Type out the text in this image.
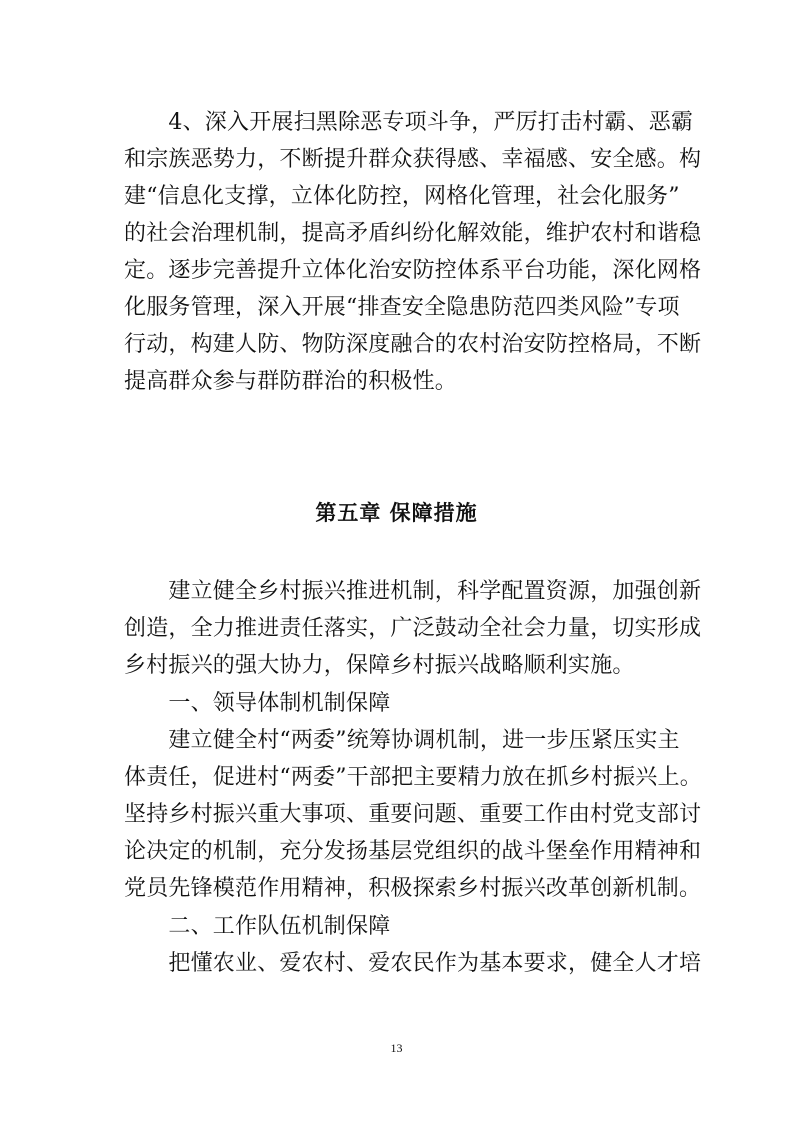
　　4、深入开展扫黑除恶专项斗争，严厉打击村霸、恶霸
和宗族恶势力，不断提升群众获得感、幸福感、安全感。构
建“信息化支撑，立体化防控，网格化管理，社会化服务”
的社会治理机制，提高矛盾纠纷化解效能，维护农村和谐稳
定。逐步完善提升立体化治安防控体系平台功能，深化网格
化服务管理，深入开展“排查安全隐患防范四类风险”专项
行动，构建人防、物防深度融合的农村治安防控格局，不断
提高群众参与群防群治的积极性。
第五章 保障措施
　　建立健全乡村振兴推进机制，科学配置资源，加强创新
创造，全力推进责任落实，广泛鼓动全社会力量，切实形成
乡村振兴的强大协力，保障乡村振兴战略顺利实施。
　　一、领导体制机制保障
　　建立健全村“两委”统筹协调机制，进一步压紧压实主
体责任，促进村“两委”干部把主要精力放在抓乡村振兴上。
坚持乡村振兴重大事项、重要问题、重要工作由村党支部讨
论决定的机制，充分发扬基层党组织的战斗堡垒作用精神和
党员先锋模范作用精神，积极探索乡村振兴改革创新机制。
　　二、工作队伍机制保障
　　把懂农业、爱农村、爱农民作为基本要求，健全人才培
13
